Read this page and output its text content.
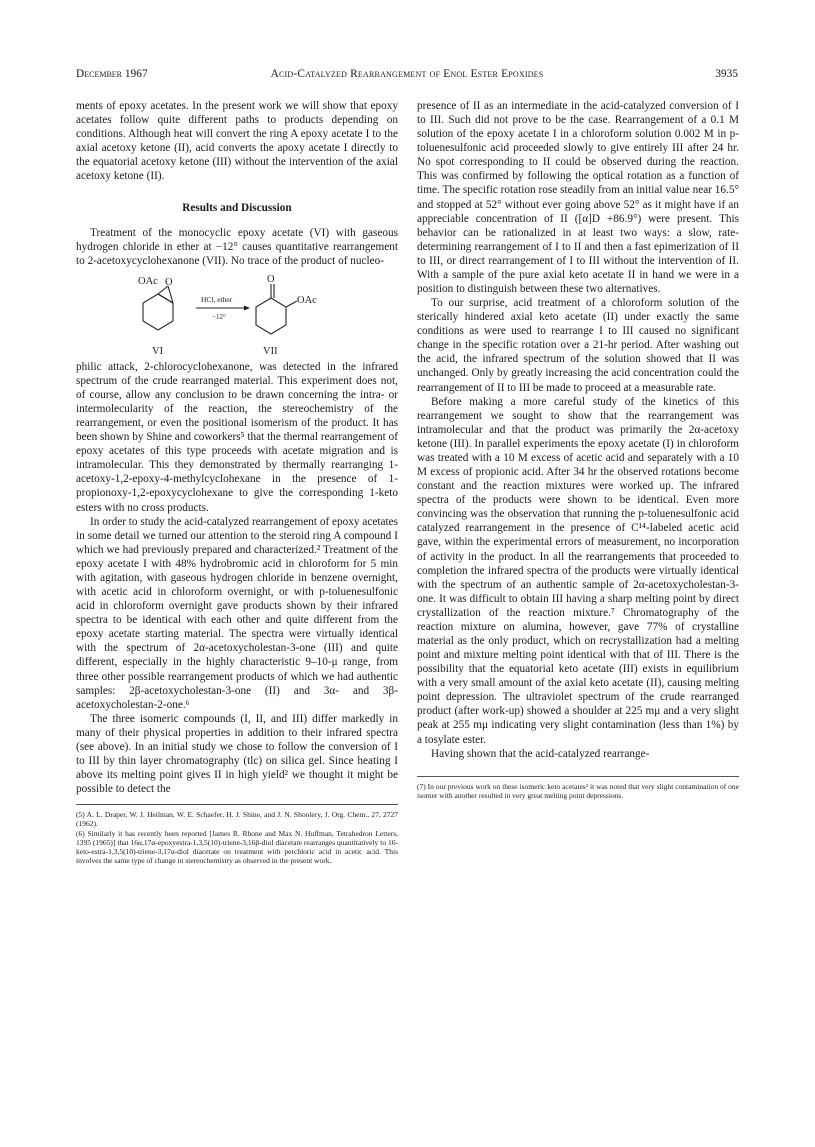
December 1967	Acid-Catalyzed Rearrangement of Enol Ester Epoxides	3935

ments of epoxy acetates. In the present work we will show that epoxy acetates follow quite different paths to products depending on conditions. Although heat will convert the ring A epoxy acetate I to the axial acetoxy ketone (II), acid converts the apoxy acetate I directly to the equatorial acetoxy ketone (III) without the intervention of the axial acetoxy ketone (II).

Results and Discussion

Treatment of the monocyclic epoxy acetate (VI) with gaseous hydrogen chloride in ether at −12° causes quantitative rearrangement to 2-acetoxycyclohexanone (VII). No trace of the product of nucleo-

OAc O
HCl, ether
−12°
O
OAc
VI	VII

philic attack, 2-chlorocyclohexanone, was detected in the infrared spectrum of the crude rearranged material. This experiment does not, of course, allow any conclusion to be drawn concerning the intra- or intermolecularity of the reaction, the stereochemistry of the rearrangement, or even the positional isomerism of the product. It has been shown by Shine and coworkers⁵ that the thermal rearrangement of epoxy acetates of this type proceeds with acetate migration and is intramolecular. This they demonstrated by thermally rearranging 1-acetoxy-1,2-epoxy-4-methylcyclohexane in the presence of 1-propionoxy-1,2-epoxycyclohexane to give the corresponding 1-keto esters with no cross products.

In order to study the acid-catalyzed rearrangement of epoxy acetates in some detail we turned our attention to the steroid ring A compound I which we had previously prepared and characterized.² Treatment of the epoxy acetate I with 48% hydrobromic acid in chloroform for 5 min with agitation, with gaseous hydrogen chloride in benzene overnight, with acetic acid in chloroform overnight, or with p-toluenesulfonic acid in chloroform overnight gave products shown by their infrared spectra to be identical with each other and quite different from the epoxy acetate starting material. The spectra were virtually identical with the spectrum of 2α-acetoxycholestan-3-one (III) and quite different, especially in the highly characteristic 9–10-μ range, from three other possible rearrangement products of which we had authentic samples: 2β-acetoxycholestan-3-one (II) and 3α- and 3β-acetoxycholestan-2-one.⁶

The three isomeric compounds (I, II, and III) differ markedly in many of their physical properties in addition to their infrared spectra (see above). In an initial study we chose to follow the conversion of I to III by thin layer chromatography (tlc) on silica gel. Since heating I above its melting point gives II in high yield² we thought it might be possible to detect the

(5) A. L. Draper, W. J. Heilman, W. E. Schaefer, H. J. Shine, and J. N. Shoolery, J. Org. Chem., 27, 2727 (1962).

(6) Similarly it has recently been reported [James R. Rhone and Max N. Huffman, Tetrahedron Letters, 1395 (1965)] that 16α,17α-epoxyestra-1,3,5(10)-triene-3,16β-diol diacetate rearranges quantitatively to 16-keto-estra-1,3,5(10)-triene-3,17α-diol diacetate on treatment with perchloric acid in acetic acid. This involves the same type of change in stereochemistry as observed in the present work.

presence of II as an intermediate in the acid-catalyzed conversion of I to III. Such did not prove to be the case. Rearrangement of a 0.1 M solution of the epoxy acetate I in a chloroform solution 0.002 M in p-toluenesulfonic acid proceeded slowly to give entirely III after 24 hr. No spot corresponding to II could be observed during the reaction. This was confirmed by following the optical rotation as a function of time. The specific rotation rose steadily from an initial value near 16.5° and stopped at 52° without ever going above 52° as it might have if an appreciable concentration of II ([α]D +86.9°) were present. This behavior can be rationalized in at least two ways: a slow, rate-determining rearrangement of I to II and then a fast epimerization of II to III, or direct rearrangement of I to III without the intervention of II. With a sample of the pure axial keto acetate II in hand we were in a position to distinguish between these two alternatives.

To our surprise, acid treatment of a chloroform solution of the sterically hindered axial keto acetate (II) under exactly the same conditions as were used to rearrange I to III caused no significant change in the specific rotation over a 21-hr period. After washing out the acid, the infrared spectrum of the solution showed that II was unchanged. Only by greatly increasing the acid concentration could the rearrangement of II to III be made to proceed at a measurable rate.

Before making a more careful study of the kinetics of this rearrangement we sought to show that the rearrangement was intramolecular and that the product was primarily the 2α-acetoxy ketone (III). In parallel experiments the epoxy acetate (I) in chloroform was treated with a 10 M excess of acetic acid and separately with a 10 M excess of propionic acid. After 34 hr the observed rotations become constant and the reaction mixtures were worked up. The infrared spectra of the products were shown to be identical. Even more convincing was the observation that running the p-toluenesulfonic acid catalyzed rearrangement in the presence of C¹⁴-labeled acetic acid gave, within the experimental errors of measurement, no incorporation of activity in the product. In all the rearrangements that proceeded to completion the infrared spectra of the products were virtually identical with the spectrum of an authentic sample of 2α-acetoxycholestan-3-one. It was difficult to obtain III having a sharp melting point by direct crystallization of the reaction mixture.⁷ Chromatography of the reaction mixture on alumina, however, gave 77% of crystalline material as the only product, which on recrystallization had a melting point and mixture melting point identical with that of III. There is the possibility that the equatorial keto acetate (III) exists in equilibrium with a very small amount of the axial keto acetate (II), causing melting point depression. The ultraviolet spectrum of the crude rearranged product (after work-up) showed a shoulder at 225 mμ and a very slight peak at 255 mμ indicating very slight contamination (less than 1%) by a tosylate ester.

Having shown that the acid-catalyzed rearrange-

(7) In our previous work on these isomeric keto acetates² it was noted that very slight contamination of one isomer with another resulted in very great melting point depressions.
